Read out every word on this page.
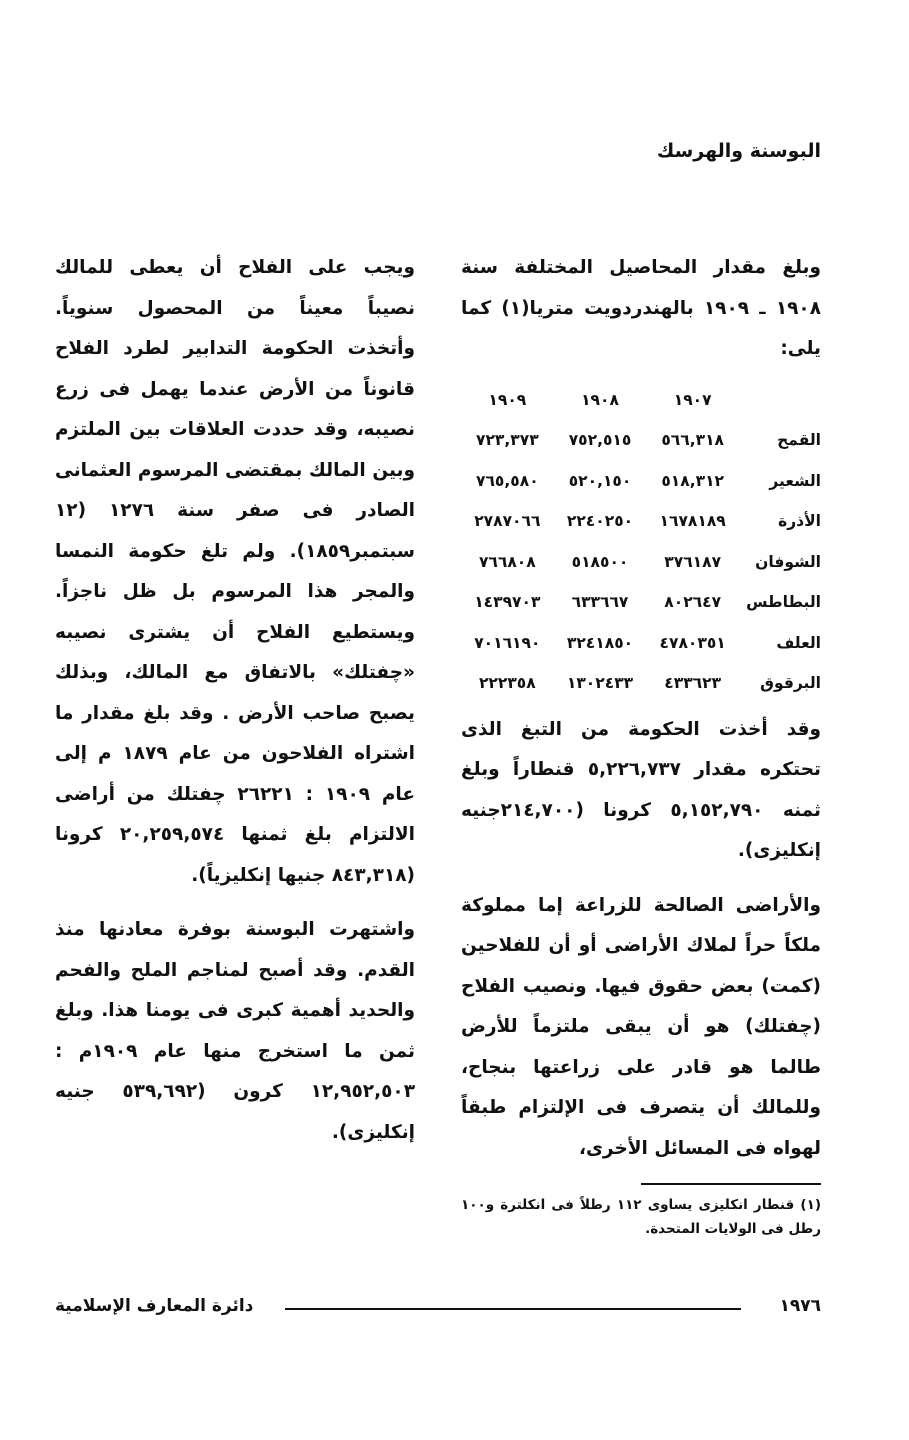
البوسنة والهرسك

وبلغ مقدار المحاصيل المختلفة سنة ١٩٠٨ ـ ١٩٠٩ بالهندردويت متريا(١) كما يلى:

	١٩٠٧	١٩٠٨	١٩٠٩
القمح	٥٦٦,٣١٨	٧٥٢,٥١٥	٧٢٣,٣٧٣
الشعير	٥١٨,٣١٢	٥٢٠,١٥٠	٧٦٥,٥٨٠
الأذرة	١٦٧٨١٨٩	٢٢٤٠٢٥٠	٢٧٨٧٠٦٦
الشوفان	٣٧٦١٨٧	٥١٨٥٠٠	٧٦٦٨٠٨
البطاطس	٨٠٢٦٤٧	٦٣٣٦٦٧	١٤٣٩٧٠٣
العلف	٤٧٨٠٣٥١	٣٢٤١٨٥٠	٧٠١٦١٩٠
البرقوق	٤٣٣٦٢٣	١٣٠٢٤٣٣	٢٢٢٣٥٨

وقد أخذت الحكومة من التبغ الذى تحتكره مقدار ٥,٢٢٦,٧٣٧ قنطاراً وبلغ ثمنه ٥,١٥٢,٧٩٠ كرونا (٢١٤,٧٠٠جنيه إنكليزى).

والأراضى الصالحة للزراعة إما مملوكة ملكاً حراً لملاك الأراضى أو أن للفلاحين (كمت) بعض حقوق فيها. ونصيب الفلاح (چفتلك) هو أن يبقى ملتزماً للأرض طالما هو قادر على زراعتها بنجاح، وللمالك أن يتصرف فى الإلتزام طبقاً لهواه فى المسائل الأخرى،

(١) قنطار انكليزى يساوى ١١٢ رطلاً فى انكلترة و١٠٠ رطل فى الولايات المتحدة.

ويجب على الفلاح أن يعطى للمالك نصيباً معيناً من المحصول سنوياً. وأتخذت الحكومة التدابير لطرد الفلاح قانوناً من الأرض عندما يهمل فى زرع نصيبه، وقد حددت العلاقات بين الملتزم وبين المالك بمقتضى المرسوم العثمانى الصادر فى صفر سنة ١٢٧٦ (١٢ سبتمبر١٨٥٩). ولم تلغ حكومة النمسا والمجر هذا المرسوم بل ظل ناجزاً. ويستطيع الفلاح أن يشترى نصيبه «چفتلك» بالاتفاق مع المالك، وبذلك يصبح صاحب الأرض . وقد بلغ مقدار ما اشتراه الفلاحون من عام ١٨٧٩ م إلى عام ١٩٠٩ : ٢٦٢٢١ چفتلك من أراضى الالتزام بلغ ثمنها ٢٠,٢٥٩,٥٧٤ كرونا (٨٤٣,٣١٨ جنيها إنكليزياً).

واشتهرت البوسنة بوفرة معادنها منذ القدم. وقد أصبح لمناجم الملح والفحم والحديد أهمية كبرى فى يومنا هذا. وبلغ ثمن ما استخرج منها عام ١٩٠٩م : ١٢,٩٥٢,٥٠٣ كرون (٥٣٩,٦٩٢ جنيه إنكليزى).

١٩٧٦
دائرة المعارف الإسلامية
